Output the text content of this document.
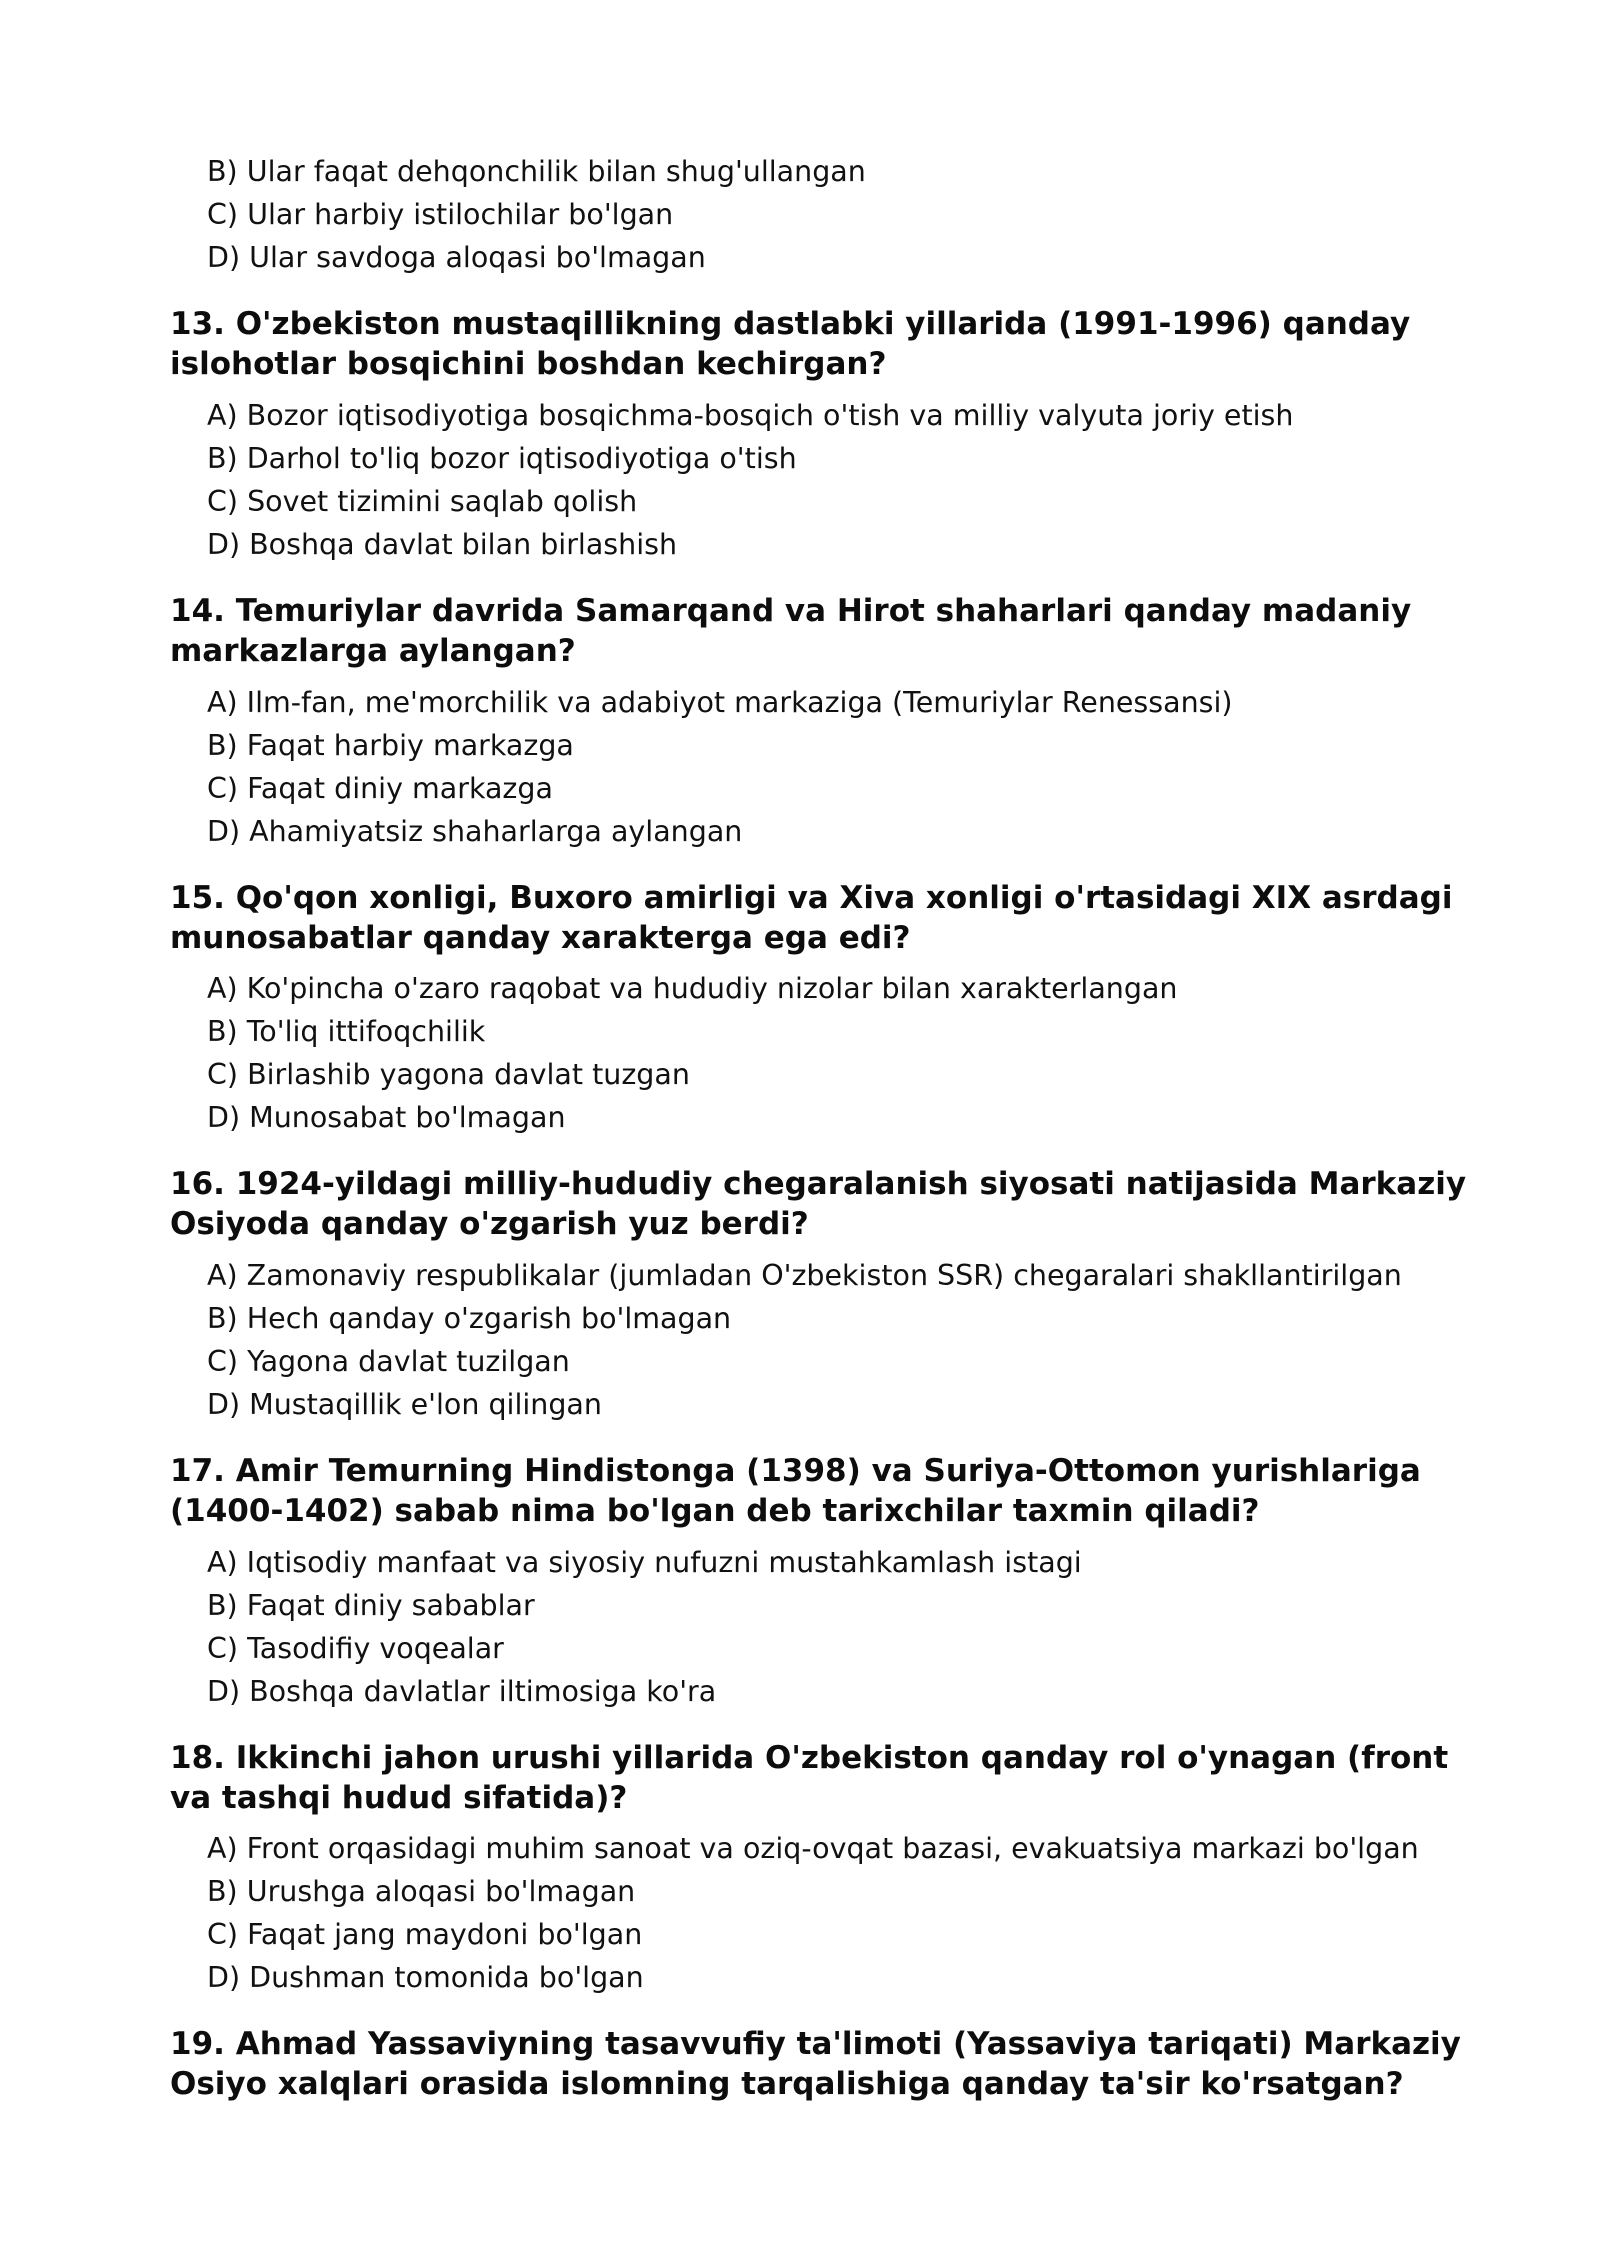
B) Ular faqat dehqonchilik bilan shug'ullangan
C) Ular harbiy istilochilar bo'lgan
D) Ular savdoga aloqasi bo'lmagan
13. O'zbekiston mustaqillikning dastlabki yillarida (1991-1996) qanday
islohotlar bosqichini boshdan kechirgan?
A) Bozor iqtisodiyotiga bosqichma-bosqich o'tish va milliy valyuta joriy etish
B) Darhol to'liq bozor iqtisodiyotiga o'tish
C) Sovet tizimini saqlab qolish
D) Boshqa davlat bilan birlashish
14. Temuriylar davrida Samarqand va Hirot shaharlari qanday madaniy
markazlarga aylangan?
A) Ilm-fan, me'morchilik va adabiyot markaziga (Temuriylar Renessansi)
B) Faqat harbiy markazga
C) Faqat diniy markazga
D) Ahamiyatsiz shaharlarga aylangan
15. Qo'qon xonligi, Buxoro amirligi va Xiva xonligi o'rtasidagi XIX asrdagi
munosabatlar qanday xarakterga ega edi?
A) Ko'pincha o'zaro raqobat va hududiy nizolar bilan xarakterlangan
B) To'liq ittifoqchilik
C) Birlashib yagona davlat tuzgan
D) Munosabat bo'lmagan
16. 1924-yildagi milliy-hududiy chegaralanish siyosati natijasida Markaziy
Osiyoda qanday o'zgarish yuz berdi?
A) Zamonaviy respublikalar (jumladan O'zbekiston SSR) chegaralari shakllantirilgan
B) Hech qanday o'zgarish bo'lmagan
C) Yagona davlat tuzilgan
D) Mustaqillik e'lon qilingan
17. Amir Temurning Hindistonga (1398) va Suriya-Ottomon yurishlariga
(1400-1402) sabab nima bo'lgan deb tarixchilar taxmin qiladi?
A) Iqtisodiy manfaat va siyosiy nufuzni mustahkamlash istagi
B) Faqat diniy sabablar
C) Tasodifiy voqealar
D) Boshqa davlatlar iltimosiga ko'ra
18. Ikkinchi jahon urushi yillarida O'zbekiston qanday rol o'ynagan (front
va tashqi hudud sifatida)?
A) Front orqasidagi muhim sanoat va oziq-ovqat bazasi, evakuatsiya markazi bo'lgan
B) Urushga aloqasi bo'lmagan
C) Faqat jang maydoni bo'lgan
D) Dushman tomonida bo'lgan
19. Ahmad Yassaviyning tasavvufiy ta'limoti (Yassaviya tariqati) Markaziy
Osiyo xalqlari orasida islomning tarqalishiga qanday ta'sir ko'rsatgan?
